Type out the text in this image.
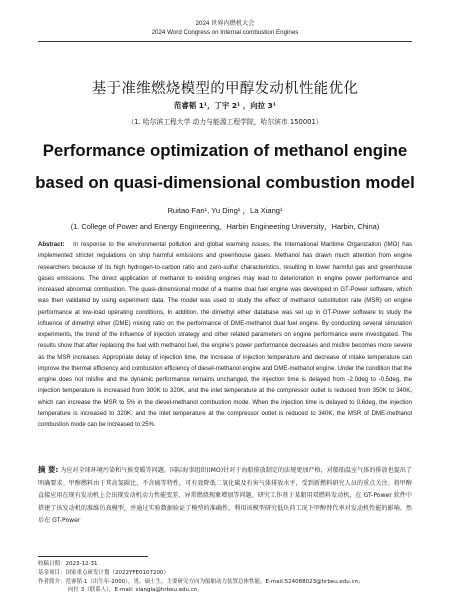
2024 世界内燃机大会
2024 Word Congress on Internal combustion Engines
基于准维燃烧模型的甲醇发动机性能优化
范睿韬 1¹，丁宇 2¹ ，向拉 3¹
（1. 哈尔滨工程大学 动力与能源工程学院，哈尔滨市 150001）
Performance optimization of methanol engine
based on quasi-dimensional combustion model
Ruitao Fan¹, Yu Ding¹ ，La Xiang¹
(1. College of Power and Energy Engineering，Harbin Engineering University，Harbin, China)

Abstract: In response to the environmental pollution and global warming issues, the International Maritime Organization (IMO) has implemented stricter regulations on ship harmful emissions and greenhouse gases. Methanol has drawn much attention from engine researchers because of its high hydrogen-to-carbon ratio and zero-sulfur characteristics, resulting in lower harmful gas and greenhouse gases emissions. The direct application of methanol to existing engines may lead to deterioration in engine power performance and increased abnormal combustion. The quasi-dimensional model of a marine dual fuel engine was developed in GT-Power software, which was then validated by using experiment data. The model was used to study the effect of methanol substitution rate (MSR) on engine performance at low-load operating conditions, In addition, the dimethyl ether database was set up in GT-Power software to study the influence of dimethyl ether (DME) mixing ratio on the performance of DME-methanol dual fuel engine. By conducting several simulation experiments, the trend of the influence of injection strategy and other related parameters on engine performance were investigated. The results show that after replacing the fuel with methanol fuel, the engine’s power performance decreases and misfire becomes more severe as the MSR increases. Appropriate delay of injection time, the increase of injection temperature and decrease of intake temperature can improve the thermal efficiency and combustion efficiency of diesel-methanol engine and DME-methanol engine. Under the condition that the engine does not misfire and the dynamic performance remains unchanged, the injection time is delayed from -2.0deg to -0.5deg, the injection temperature is increased from 300K to 320K, and the inlet temperature at the compressor outlet is reduced from 350K to 340K, which can increase the MSR to 5% in the diesel-methanol combustion mode. When the injection time is delayed to 0.6deg, the injection temperature is increased to 320K, and the inlet temperature at the compressor outlet is reduced to 340K, the MSR of DME-methanol combustion mode can be increased to 25%.

摘 要: 为应对全球环境污染和气候变暖等问题，国际海事组织(IMO)针对于海船排放制定的法规更加严格，对船舶温室气体的排放也提出了明确要求。甲醇燃料由于其高氢碳比、不含硫等特性，可有效降低二氧化碳及有害气体排放水平，受到新燃料研究人员的重点关注。将甲醇直接应用在现有发动机上会出现发动机动力性能变差、异常燃烧现象增加等问题。研究工作基于某船用双燃料发动机，在 GT-Power 软件中搭建了该发动机的准维仿真模型，并通过实验数据验证了模型的准确性，利用该模型研究低负荷工况下甲醇替代率对发动机性能的影响。然后在 GT-Power

收稿日期：2023-12-31
基金项目：国家重点研发计划（2022YFE0107200）
作者简介：范睿韬 1（出生年-2000），男，硕士生，主要研究方向为船舶动力装置总体性能。E-mail:524088023@hrbeu.edu.cn；
向拉 3（联系人），E-mail: xiangla@hrbeu.edu.cn。
